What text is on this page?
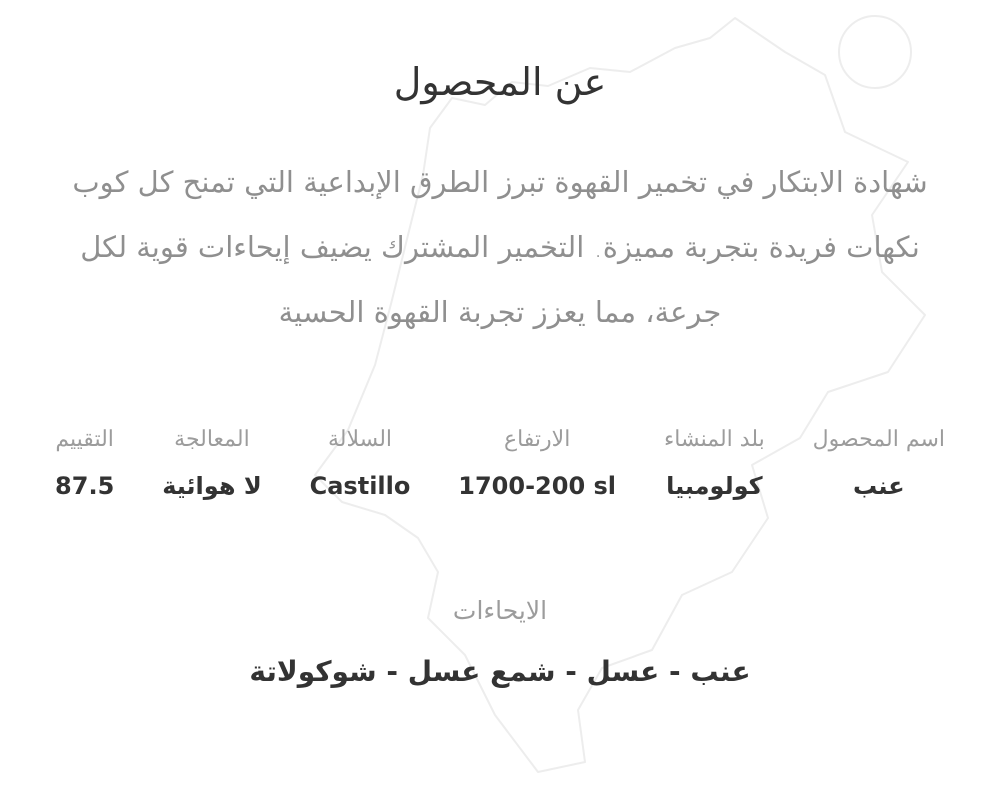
عن المحصول

شهادة الابتكار في تخمير القهوة تبرز الطرق الإبداعية التي تمنح كل كوب نكهات فريدة بتجربة مميزة. التخمير المشترك يضيف إيحاءات قوية لكل جرعة، مما يعزز تجربة القهوة الحسية

اسم المحصول
عنب
بلد المنشاء
كولومبيا
الارتفاع
1700-200 sl
السلالة
Castillo
المعالجة
لا هوائية
التقييم
87.5
الايحاءات
عنب - عسل - شمع عسل - شوكولاتة
